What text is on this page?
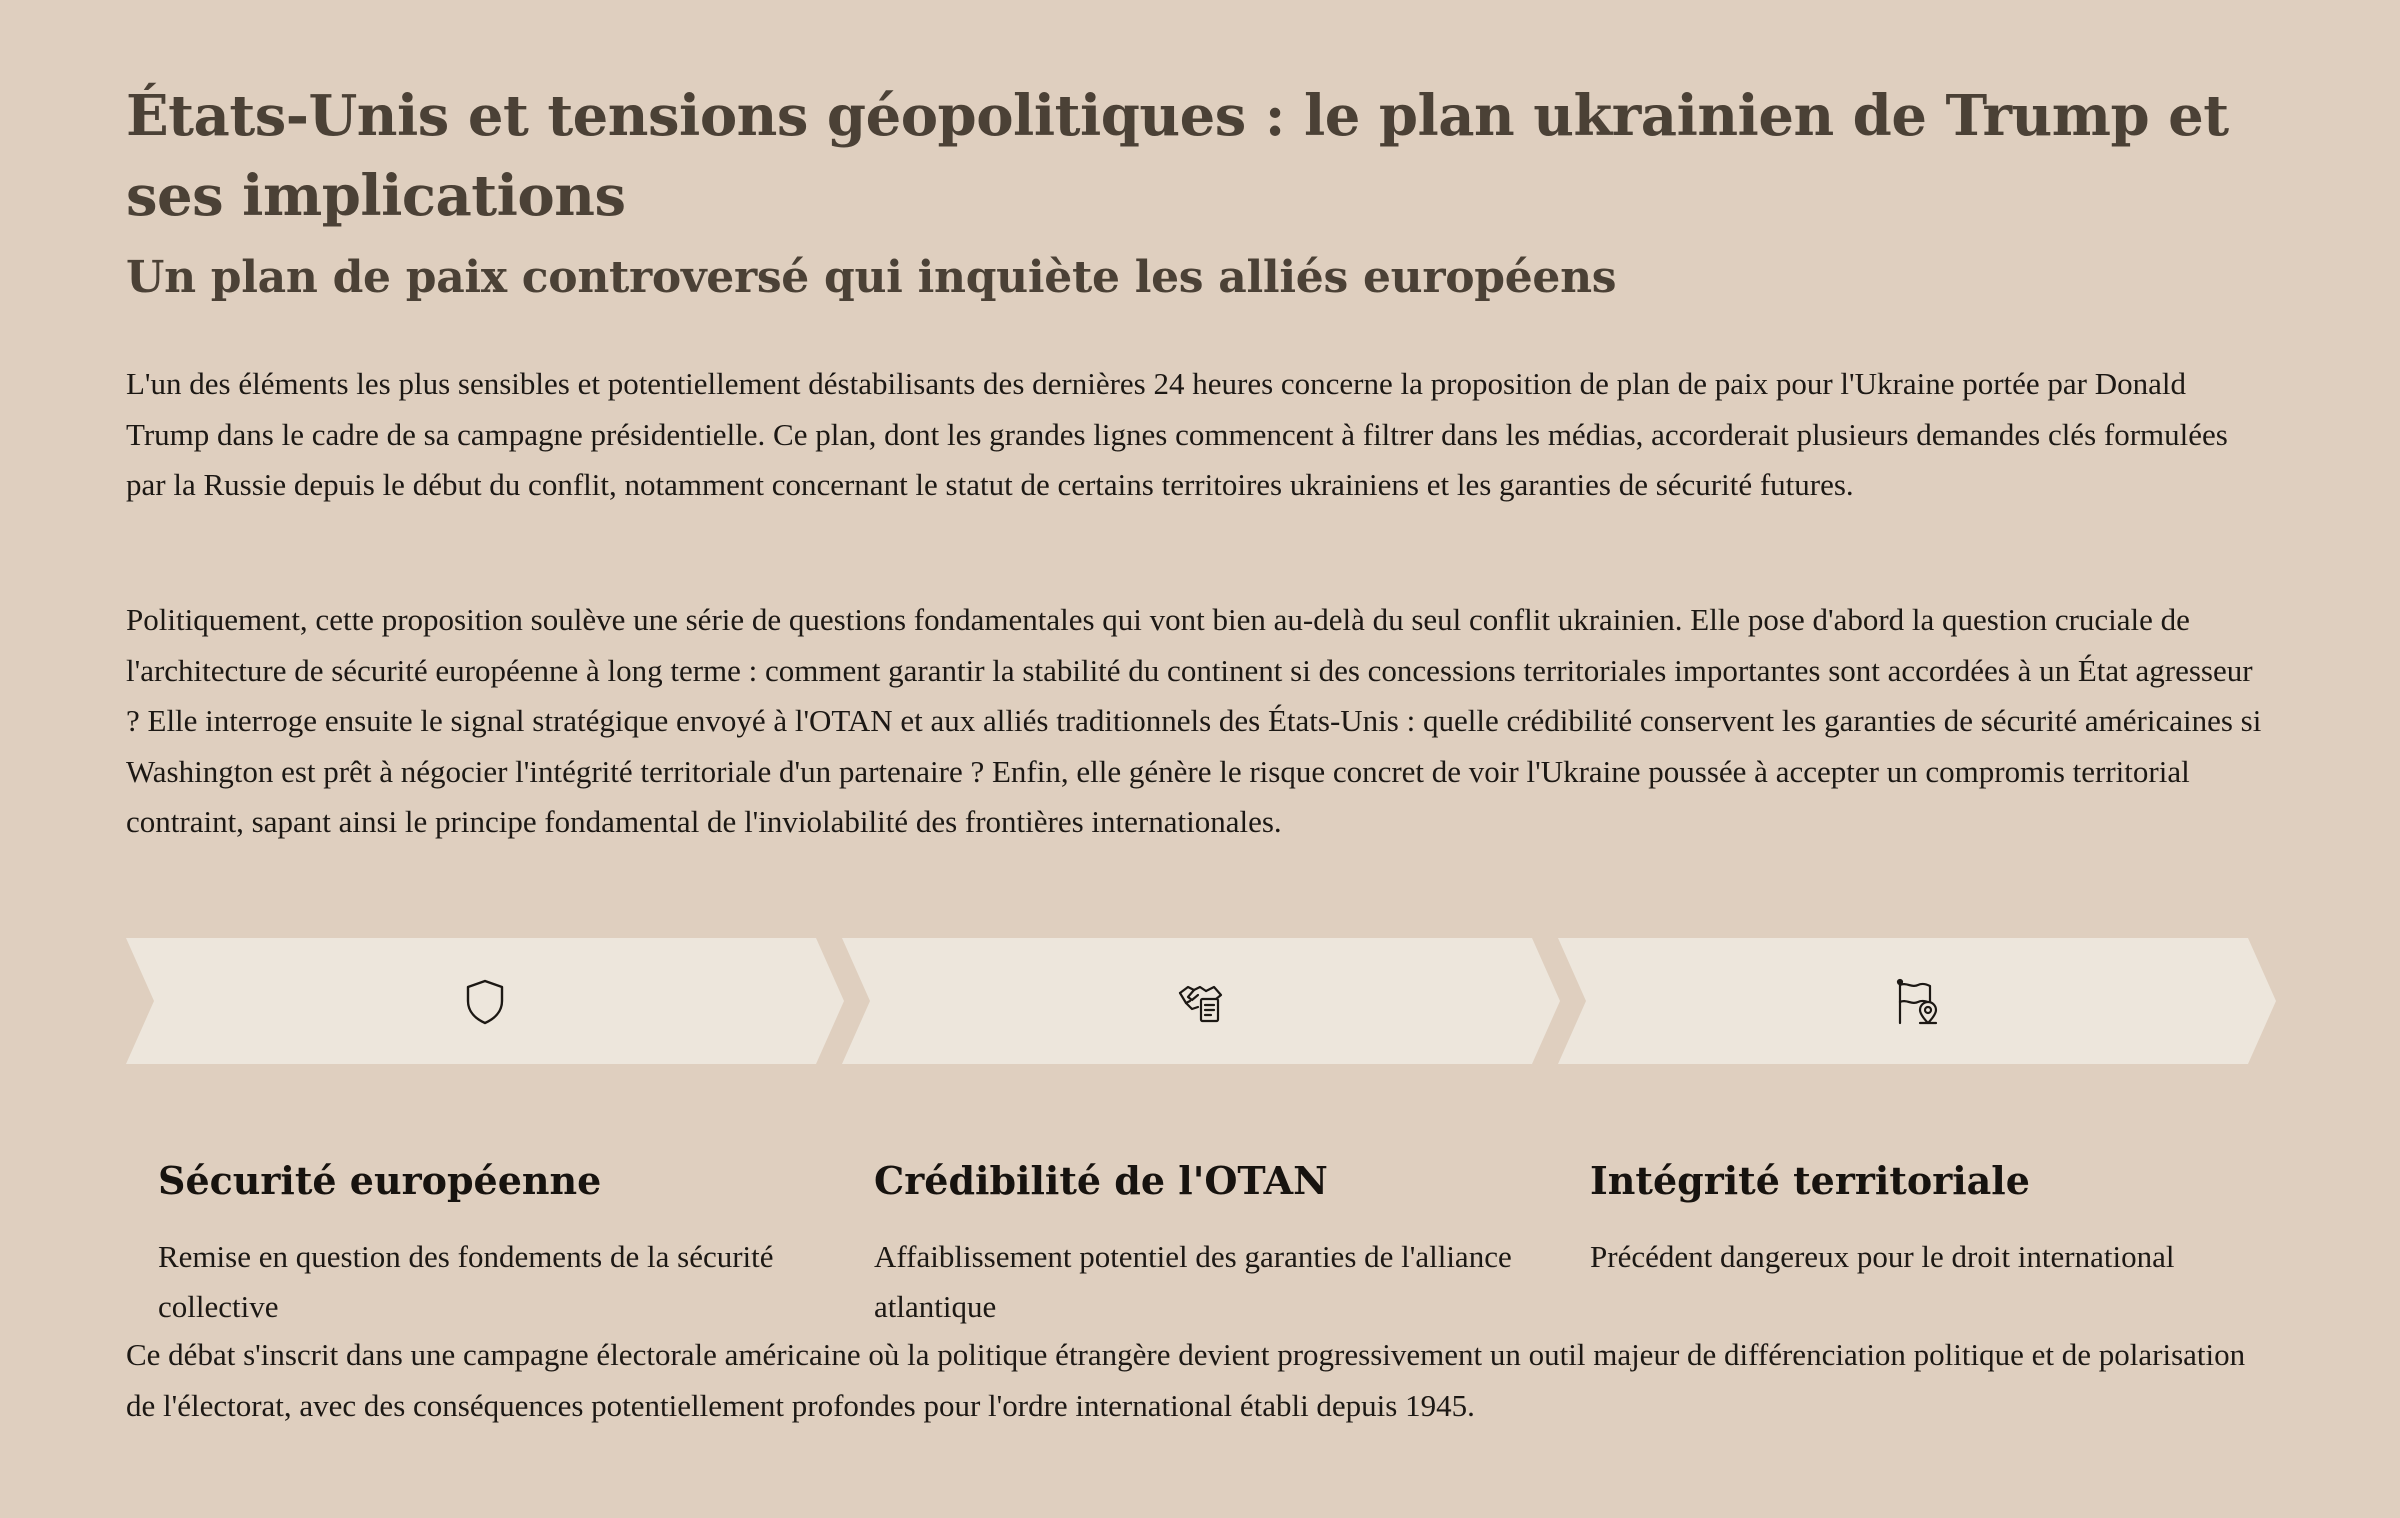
États-Unis et tensions géopolitiques : le plan ukrainien de Trump et ses implications
Un plan de paix controversé qui inquiète les alliés européens

L'un des éléments les plus sensibles et potentiellement déstabilisants des dernières 24 heures concerne la proposition de plan de paix pour l'Ukraine portée par Donald Trump dans le cadre de sa campagne présidentielle. Ce plan, dont les grandes lignes commencent à filtrer dans les médias, accorderait plusieurs demandes clés formulées par la Russie depuis le début du conflit, notamment concernant le statut de certains territoires ukrainiens et les garanties de sécurité futures.

Politiquement, cette proposition soulève une série de questions fondamentales qui vont bien au-delà du seul conflit ukrainien. Elle pose d'abord la question cruciale de l'architecture de sécurité européenne à long terme : comment garantir la stabilité du continent si des concessions territoriales importantes sont accordées à un État agresseur ? Elle interroge ensuite le signal stratégique envoyé à l'OTAN et aux alliés traditionnels des États-Unis : quelle crédibilité conservent les garanties de sécurité américaines si Washington est prêt à négocier l'intégrité territoriale d'un partenaire ? Enfin, elle génère le risque concret de voir l'Ukraine poussée à accepter un compromis territorial contraint, sapant ainsi le principe fondamental de l'inviolabilité des frontières internationales.

Sécurité européenne
Remise en question des fondements de la sécurité collective
Crédibilité de l'OTAN
Affaiblissement potentiel des garanties de l'alliance atlantique
Intégrité territoriale
Précédent dangereux pour le droit international

Ce débat s'inscrit dans une campagne électorale américaine où la politique étrangère devient progressivement un outil majeur de différenciation politique et de polarisation de l'électorat, avec des conséquences potentiellement profondes pour l'ordre international établi depuis 1945.
